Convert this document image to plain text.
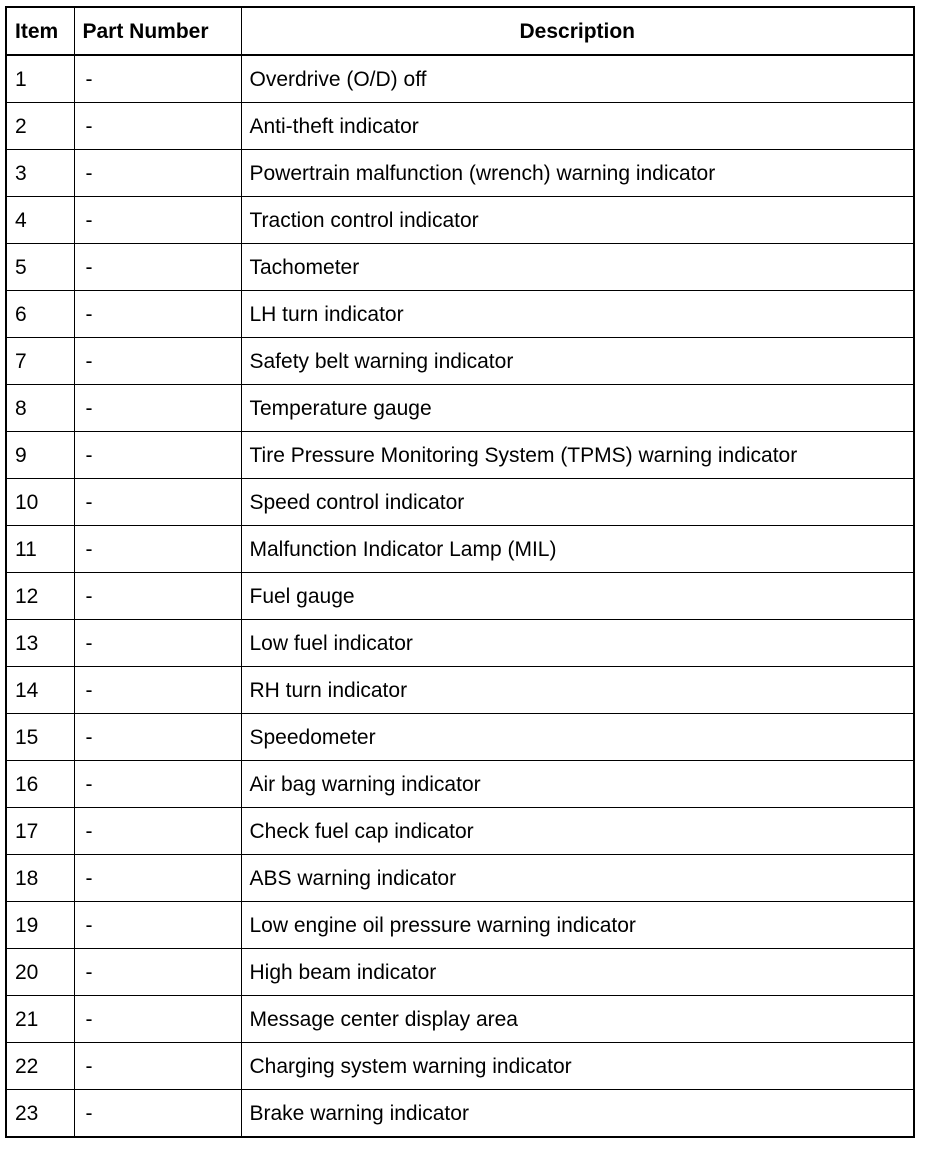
Item	Part Number	Description
1	-	Overdrive (O/D) off
2	-	Anti-theft indicator
3	-	Powertrain malfunction (wrench) warning indicator
4	-	Traction control indicator
5	-	Tachometer
6	-	LH turn indicator
7	-	Safety belt warning indicator
8	-	Temperature gauge
9	-	Tire Pressure Monitoring System (TPMS) warning indicator
10	-	Speed control indicator
11	-	Malfunction Indicator Lamp (MIL)
12	-	Fuel gauge
13	-	Low fuel indicator
14	-	RH turn indicator
15	-	Speedometer
16	-	Air bag warning indicator
17	-	Check fuel cap indicator
18	-	ABS warning indicator
19	-	Low engine oil pressure warning indicator
20	-	High beam indicator
21	-	Message center display area
22	-	Charging system warning indicator
23	-	Brake warning indicator
